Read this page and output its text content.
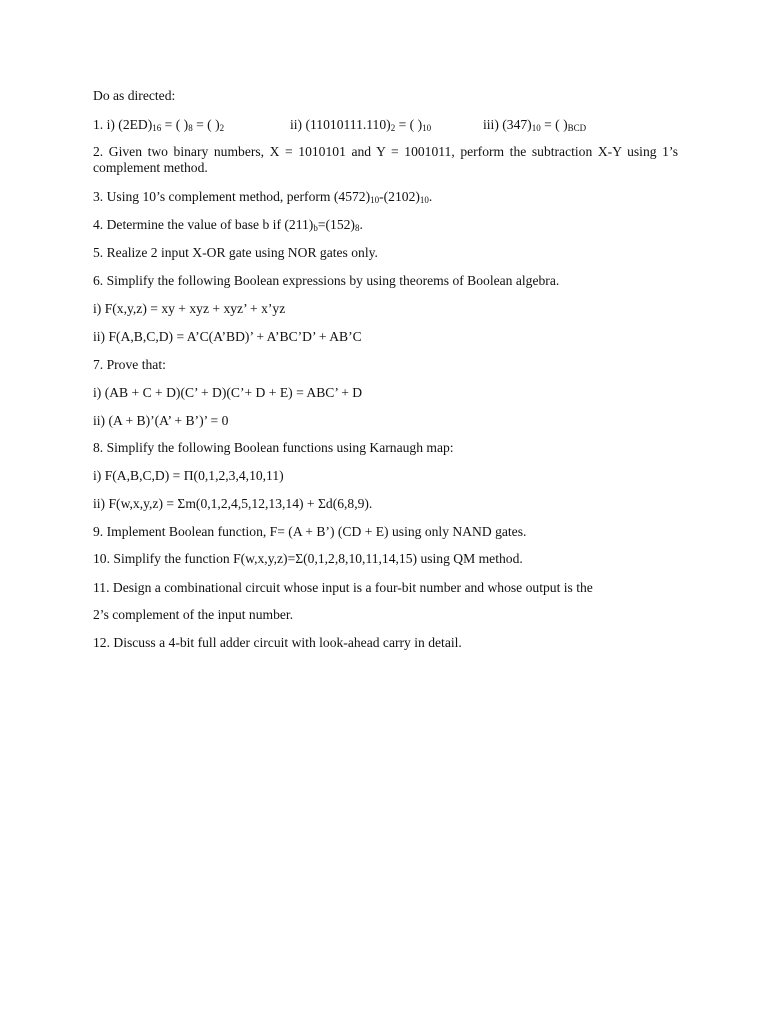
Do as directed:
1. i) $(2ED)_{16}$ = ( )$_8$ = ( )$_2$	ii) $(11010111.110)_2$ = ( )$_{10}$	iii) $(347)_{10}$ = ( )$_{BCD}$
2. Given two binary numbers, X = 1010101 and Y = 1001011, perform the subtraction X-Y using 1’s complement method.
3. Using 10’s complement method, perform $(4572)_{10}-(2102)_{10}$.
4. Determine the value of base b if $(211)_b=(152)_8$.
5. Realize 2 input X-OR gate using NOR gates only.
6. Simplify the following Boolean expressions by using theorems of Boolean algebra.
i) F(x,y,z) = xy + xyz + xyz’ + x’yz
ii) F(A,B,C,D) = A’C(A’BD)’ + A’BC’D’ + AB’C
7. Prove that:
i) (AB + C + D)(C’ + D)(C’+ D + E) = ABC’ + D
ii) (A + B)’(A’ + B’)’ = 0
8. Simplify the following Boolean functions using Karnaugh map:
i) F(A,B,C,D) = Π(0,1,2,3,4,10,11)
ii) F(w,x,y,z) = Σm(0,1,2,4,5,12,13,14) + Σd(6,8,9).
9. Implement Boolean function, F= (A + B’) (CD + E) using only NAND gates.
10. Simplify the function F(w,x,y,z)=Σ(0,1,2,8,10,11,14,15) using QM method.
11. Design a combinational circuit whose input is a four-bit number and whose output is the
2’s complement of the input number.
12. Discuss a 4-bit full adder circuit with look-ahead carry in detail.
